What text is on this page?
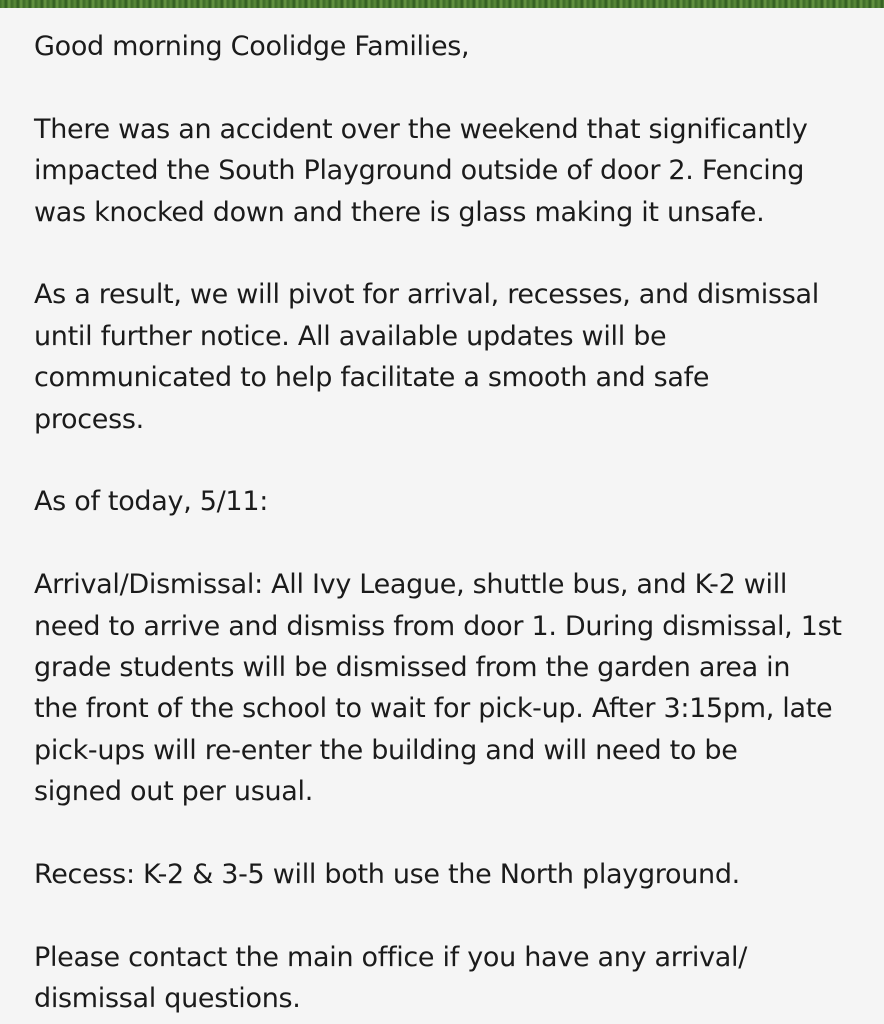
Good morning Coolidge Families,

There was an accident over the weekend that significantly
impacted the South Playground outside of door 2. Fencing
was knocked down and there is glass making it unsafe.

As a result, we will pivot for arrival, recesses, and dismissal
until further notice. All available updates will be
communicated to help facilitate a smooth and safe
process.

As of today, 5/11:

Arrival/Dismissal: All Ivy League, shuttle bus, and K-2 will
need to arrive and dismiss from door 1. During dismissal, 1st
grade students will be dismissed from the garden area in
the front of the school to wait for pick-up. After 3:15pm, late
pick-ups will re-enter the building and will need to be
signed out per usual.

Recess: K-2 & 3-5 will both use the North playground.

Please contact the main office if you have any arrival/
dismissal questions.
